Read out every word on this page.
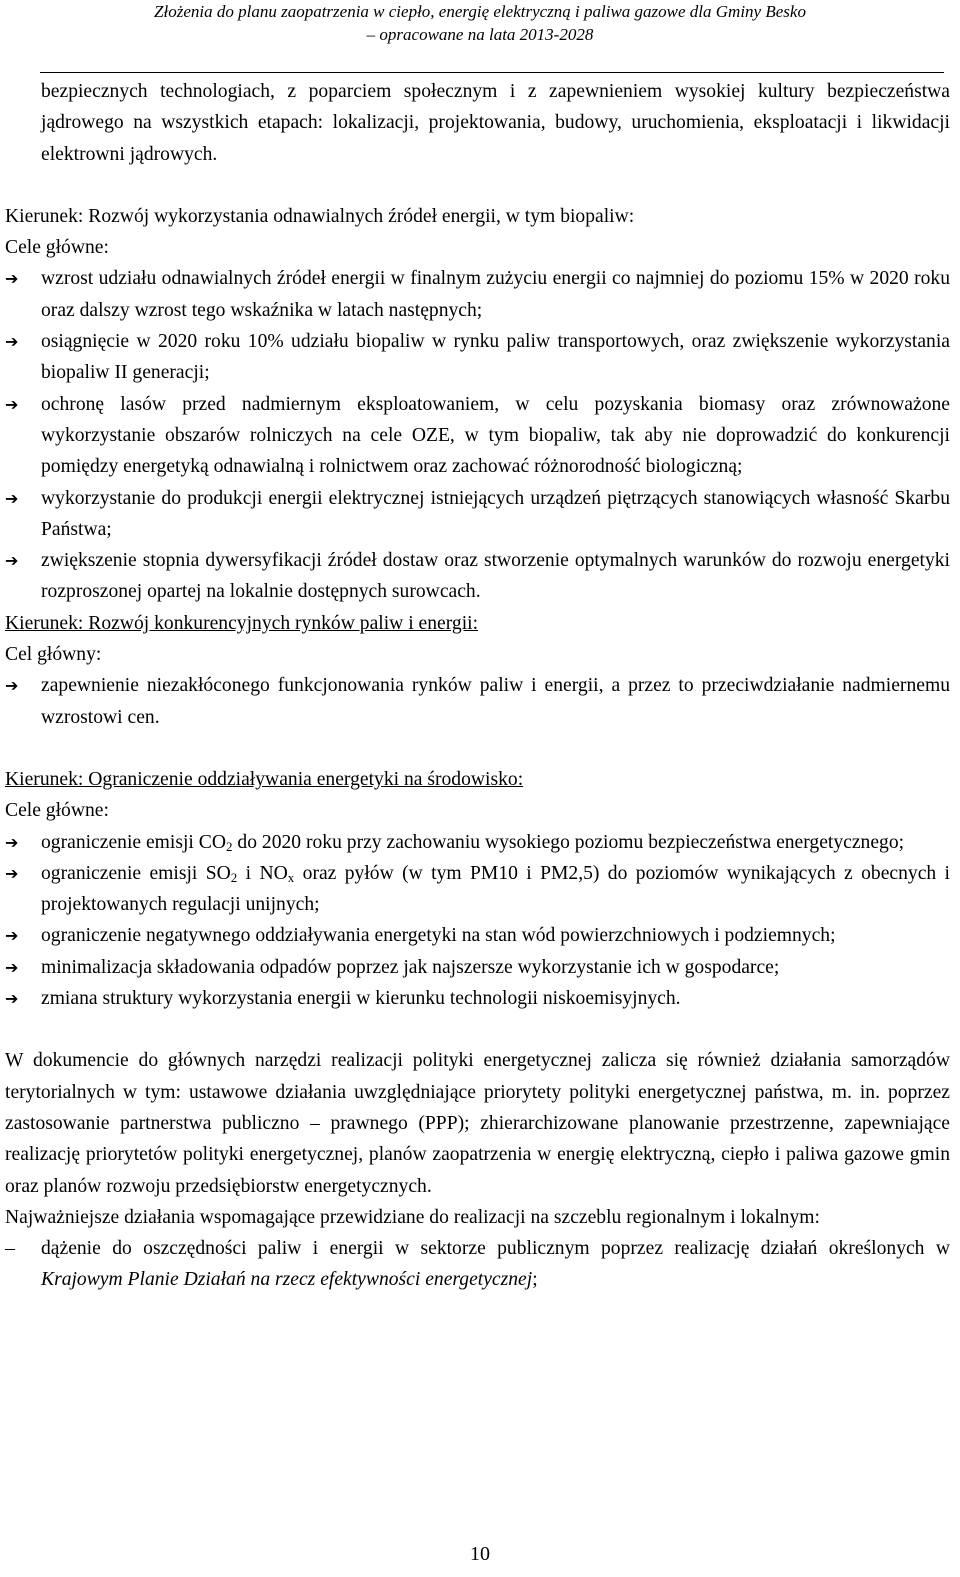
Złożenia do planu zaopatrzenia w ciepło, energię elektryczną i paliwa gazowe dla Gminy Besko
– opracowane na lata 2013-2028

bezpiecznych technologiach, z poparciem społecznym i z zapewnieniem wysokiej kultury bezpieczeństwa jądrowego na wszystkich etapach: lokalizacji, projektowania, budowy, uruchomienia, eksploatacji i likwidacji elektrowni jądrowych.

Kierunek: Rozwój wykorzystania odnawialnych źródeł energii, w tym biopaliw:

Cele główne:

➔	wzrost udziału odnawialnych źródeł energii w finalnym zużyciu energii co najmniej do poziomu 15% w 2020 roku oraz dalszy wzrost tego wskaźnika w latach następnych;
➔	osiągnięcie w 2020 roku 10% udziału biopaliw w rynku paliw transportowych, oraz zwiększenie wykorzystania biopaliw II generacji;
➔	ochronę lasów przed nadmiernym eksploatowaniem, w celu pozyskania biomasy oraz zrównoważone wykorzystanie obszarów rolniczych na cele OZE, w tym biopaliw, tak aby nie doprowadzić do konkurencji pomiędzy energetyką odnawialną i rolnictwem oraz zachować różnorodność biologiczną;
➔	wykorzystanie do produkcji energii elektrycznej istniejących urządzeń piętrzących stanowiących własność Skarbu Państwa;
➔	zwiększenie stopnia dywersyfikacji źródeł dostaw oraz stworzenie optymalnych warunków do rozwoju energetyki rozproszonej opartej na lokalnie dostępnych surowcach.

Kierunek: Rozwój konkurencyjnych rynków paliw i energii:

Cel główny:

➔	zapewnienie niezakłóconego funkcjonowania rynków paliw i energii, a przez to przeciwdziałanie nadmiernemu wzrostowi cen.

Kierunek: Ograniczenie oddziaływania energetyki na środowisko:

Cele główne:

➔	ograniczenie emisji $CO_2$ do 2020 roku przy zachowaniu wysokiego poziomu bezpieczeństwa energetycznego;
➔	ograniczenie emisji $SO_2$ i $NO_x$ oraz pyłów (w tym PM10 i PM2,5) do poziomów wynikających z obecnych i projektowanych regulacji unijnych;
➔	ograniczenie negatywnego oddziaływania energetyki na stan wód powierzchniowych i podziemnych;
➔	minimalizacja składowania odpadów poprzez jak najszersze wykorzystanie ich w gospodarce;
➔	zmiana struktury wykorzystania energii w kierunku technologii niskoemisyjnych.

W dokumencie do głównych narzędzi realizacji polityki energetycznej zalicza się również działania samorządów terytorialnych w tym: ustawowe działania uwzględniające priorytety polityki energetycznej państwa, m. in. poprzez zastosowanie partnerstwa publiczno – prawnego (PPP); zhierarchizowane planowanie przestrzenne, zapewniające realizację priorytetów polityki energetycznej, planów zaopatrzenia w energię elektryczną, ciepło i paliwa gazowe gmin oraz planów rozwoju przedsiębiorstw energetycznych.

Najważniejsze działania wspomagające przewidziane do realizacji na szczeblu regionalnym i lokalnym:

–	dążenie do oszczędności paliw i energii w sektorze publicznym poprzez realizację działań określonych w Krajowym Planie Działań na rzecz efektywności energetycznej;
10
